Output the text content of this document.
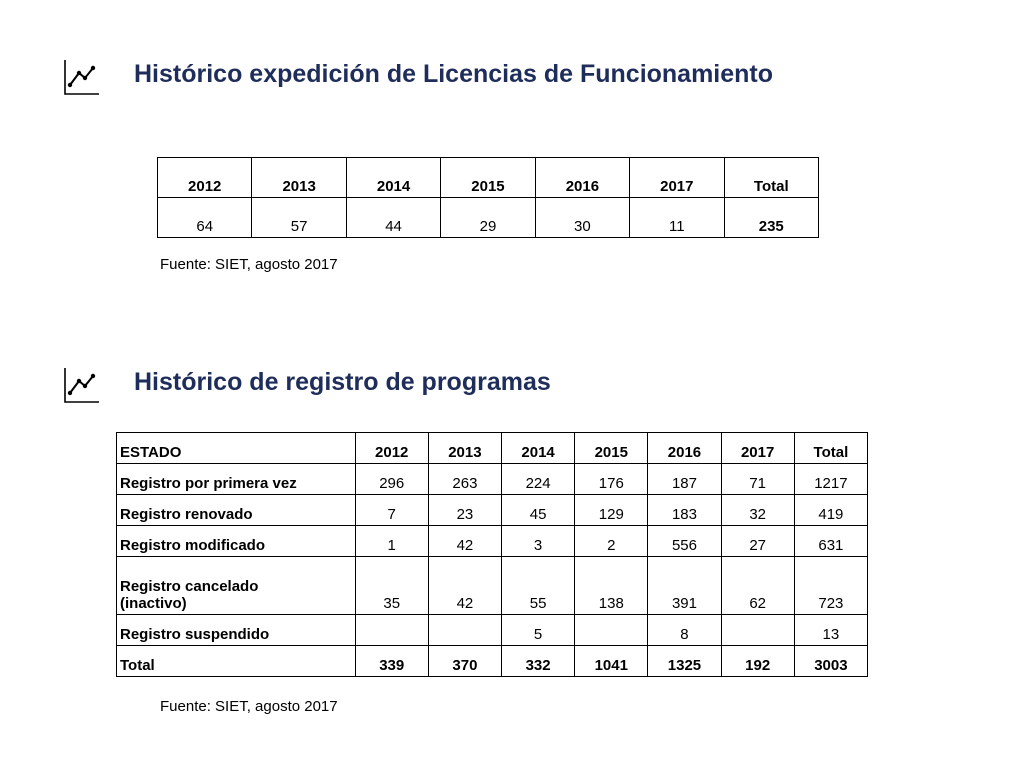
Histórico expedición de Licencias de Funcionamiento
2012	2013	2014	2015	2016	2017	Total
64	57	44	29	30	11	235
Fuente: SIET, agosto 2017
Histórico de registro de programas
ESTADO	2012	2013	2014	2015	2016	2017	Total
Registro por primera vez	296	263	224	176	187	71	1217
Registro renovado	7	23	45	129	183	32	419
Registro modificado	1	42	3	2	556	27	631
Registro cancelado
(inactivo)	35	42	55	138	391	62	723
Registro suspendido			5		8		13
Total	339	370	332	1041	1325	192	3003
Fuente: SIET, agosto 2017
